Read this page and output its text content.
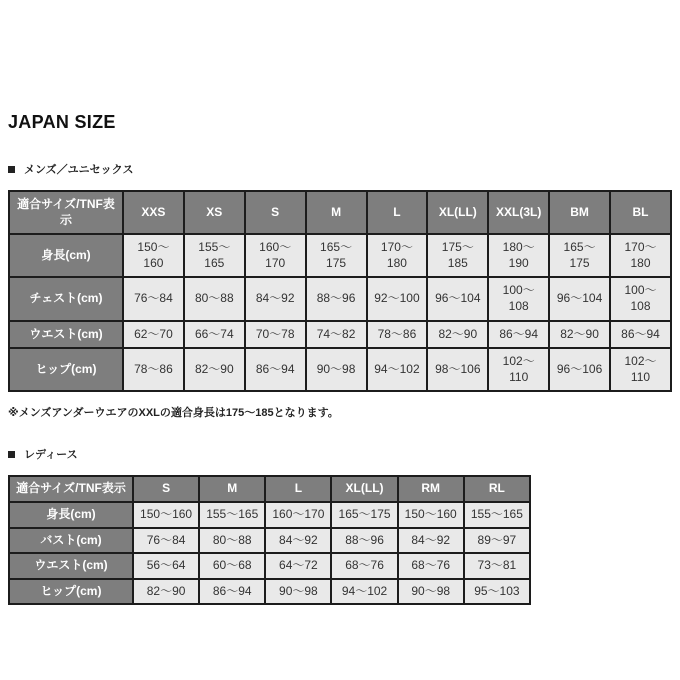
JAPAN SIZE
メンズ／ユニセックス
適合サイズ/TNF表示	XXS	XS	S	M	L	XL(LL)	XXL(3L)	BM	BL
身長(cm)	150～160	155～165	160～170	165～175	170～180	175～185	180～190	165～175	170～180
チェスト(cm)	76～84	80～88	84～92	88～96	92～100	96～104	100～108	96～104	100～108
ウエスト(cm)	62～70	66～74	70～78	74～82	78～86	82～90	86～94	82～90	86～94
ヒップ(cm)	78～86	82～90	86～94	90～98	94～102	98～106	102～110	96～106	102～110

※メンズアンダーウエアのXXLの適合身長は175～185となります。

レディース
適合サイズ/TNF表示	S	M	L	XL(LL)	RM	RL
身長(cm)	150～160	155～165	160～170	165～175	150～160	155～165
バスト(cm)	76～84	80～88	84～92	88～96	84～92	89～97
ウエスト(cm)	56～64	60～68	64～72	68～76	68～76	73～81
ヒップ(cm)	82～90	86～94	90～98	94～102	90～98	95～103
